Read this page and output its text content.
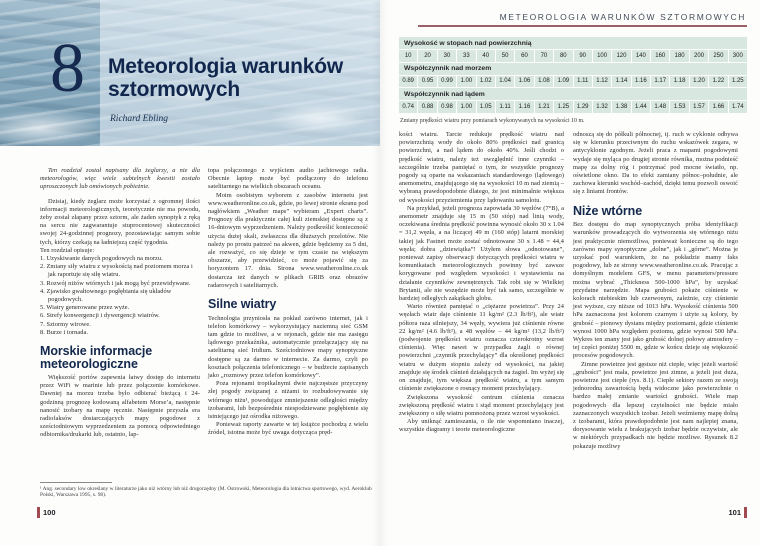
8 Meteorologia warunków sztormowych
Richard Ebling
Ten rozdział został napisany dla żeglarzy, a nie dla meteorologów, więc wiele subtelnych kwestii zostało uproszczonych lub omówionych pobieżnie.
Dzisiaj, kiedy żeglarz może korzystać z ogromnej ilości informacji meteorologicznych, teoretycznie nie ma powodu, żeby został złapany przez sztorm, ale żaden synoptyk z ręką na sercu nie zagwarantuje stuprocentowej skuteczności swojej 24-godzinnej prognozy, pozostawiając samym sobie tych, którzy czekają na ładniejszą część tygodnia.
Ten rozdział opisuje:
1. Uzyskiwanie danych pogodowych na morzu.
2. Zmiany siły wiatru z wysokością nad poziomem morza i jak raportuje się siłę wiatru.
3. Rozwój niżów wtórnych i jak mogą być przewidywane.
4. Zjawisko gwałtownego pogłębiania się układów pogodowych.
5. Wiatry generowane przez wyże.
6. Strefy konwergencji i dywergencji wiatrów.
7. Sztormy wirowe.
8. Burze i tornada.
Morskie informacje meteorologiczne
Większość portów zapewnia łatwy dostęp do internetu przez WiFi w marinie lub przez połączenie komórkowe. Dawniej na morzu trzeba było odbierać bieżącą i 24-godzinną prognozę kodowaną alfabetem Morse’a, następnie nanosić izobary na mapę ręcznie. Następnie przyszła era radiofaksów dostarczających mapy pogodowe z sześciodniowym wyprzedzeniem za pomocą odpowiedniego odbiornika/drukarki lub, ostatnio, lap-
topa połączonego z wyjściem audio jachtowego radia. Obecnie laptop może być podłączony do telefonu satelitarnego na wielkich obszarach oceanu.
Moim osobistym wyborem z zasobów internetu jest www.weatheronline.co.uk, gdzie, po lewej stronie ekranu pod nagłówkiem „Weather maps” wybieram „Expert charts”. Prognozy dla praktycznie całej kuli ziemskiej dostępne są z 16-dniowym wyprzedzeniem. Należy podkreślić konieczność użycia dużej skali, zwłaszcza dla dłuższych przelotów. Nie należy po prostu patrzeć na akwen, gdzie będziemy za 5 dni, ale rozważyć, co się dzieje w tym czasie na większym obszarze, aby przewidzieć, co może pojawić się za horyzontem 17. dnia. Strona www.weatheronline.co.uk dostarcza też danych w plikach GRIB oraz obrazów radarowych i satelitarnych.
Silne wiatry
Technologia przyniosła na pokład zarówno internet, jak i telefon komórkowy – wykorzystujący naziemną sieć GSM tam gdzie to możliwe, a w rejonach, gdzie nie ma zasięgu lądowego przekaźnika, automatycznie przełączający się na satelitarną sieć Iridium. Sześciodniowe mapy synoptyczne dostępne są za darmo w internecie. Za darmo, czyli po kosztach połączenia telefonicznego – w budżecie zapisanych jako „rozmowy przez telefon komórkowy”.
Poza rejonami tropikalnymi dwie najczęstsze przyczyny złej pogody związanej z niżami to rozbudowywanie się wtórnego niżu¹, powodujące zmniejszenie odległości między izobarami, lub bezpośrednie niespodziewane pogłębienie się istniejącego już ośrodka niżowego.
Ponieważ raporty zawarte w tej książce pochodzą z wielu źródeł, istotna może być uwaga dotycząca pręd-
¹ Ang. secondary low określany w literaturze jako niż wtórny lub niż drugorzędny (M. Ostrowski, Meteorologia dla lotnictwa sportowego, wyd. Aeroklub Polski, Warszawa 1995, s. 98).
100
METEOROLOGIA WARUNKÓW SZTORMOWYCH
Wysokość w stopach nad powierzchnią
10	20	30	33	40	50	60	70	80	90	100	120	140	160	180	200	250	300
Współczynnik nad morzem
0.89	0.95	0.99	1.00	1.02	1.04	1.06	1.08	1.09	1.11	1.12	1.14	1.16	1.17	1.18	1.20	1.22	1.25
Współczynnik nad lądem
0.74	0.88	0.98	1.00	1.05	1.11	1.16	1.21	1.25	1.29	1.32	1.38	1.44	1.48	1.53	1.57	1.66	1.74
Zmiany prędkości wiatru przy pomiarach wykonywanych na wysokości 10 m.
kości wiatru. Tarcie redukuje prędkość wiatru nad powierzchnią wody do około 80% prędkości nad granicą powierzchni, a nad lądem do około 40%. Jeśli chodzi o prędkość wiatru, należy też uwzględnić inne czynniki – szczególnie trzeba pamiętać o tym, że wszystkie prognozy pogody są oparte na wskazaniach standardowego (lądowego) anemometru, znajdującego się na wysokości 10 m nad ziemią – wybraną prawdopodobnie dlatego, że jest minimalnie większa od wysokości przyziemienia przy lądowaniu samolotu.
Na przykład, jeżeli prognoza zapowiada 30 węzłów (7°B), a anemometr znajduje się 15 m (50 stóp) nad linią wody, oczekiwana średnia prędkość powinna wynosić około 30 x 1.04 = 31,2 węzła, a na liczącej 49 m (160 stóp) latarni morskiej takiej jak Fastnet może zostać odnotowane 30 x 1.48 = 44,4 węzła; dobra „dziewiątka”! Użyłem słowa „odnotowane”, ponieważ zapisy obserwacji dotyczących prędkości wiatru w komunikatach meteorologicznych powinny być zawsze korygowane pod względem wysokości i wystawienia na działanie czynników zewnętrznych. Tak robi się w Wielkiej Brytanii, ale nie wszędzie może być tak samo, szczególnie w bardziej odległych zakątkach globu.
Warto również pamiętać o „ciężarze powietrza”. Przy 24 węzłach wiatr daje ciśnienie 11 kg/m² (2.3 lb/ft²), ale wiatr półtora raza silniejszy, 34 węzły, wywiera już ciśnienie równe 22 kg/m² (4.6 lb/ft²), a 48 węzłów – 44 kg/m² (13,2 lb/ft²) (podwojenie prędkości wiatru oznacza czterokrotny wzrost ciśnienia). Więc nawet w przypadku żagli o równej powierzchni „czynnik przechylający” dla określonej prędkości wiatru w dużym stopniu zależy od wysokości, na jakiej znajduje się środek ciśnień działających na żagiel. Im wyżej się on znajduje, tym większa prędkość wiatru, a tym samym ciśnienie zwiększone o rosnący moment przechylający.
Zwiększona wysokość centrum ciśnienia oznacza zwiększoną prędkość wiatru i stąd moment przechylający jest zwiększony o siłę wiatru pomnożoną przez wzrost wysokości.
Aby uniknąć zamieszania, o ile nie wspomniano inaczej, wszystkie diagramy i teorie meteorologiczne
odnoszą się do półkuli północnej, tj. ruch w cyklonie odbywa się w kierunku przeciwnym do ruchu wskazówek zegara, w antycyklonie zgodnym. Jeżeli praca z mapami pogodowymi wydaje się myląca po drugiej stronie równika, można podnieść mapę za dolny róg i potrzymać pod mocne światło, np. oświetlone okno. Da to efekt zamiany północ–południe, ale zachowa kierunki wschód–zachód, dzięki temu pozwoli oswoić się z liniami frontów.
Niże wtórne
Bez dostępu do map synoptycznych próba identyfikacji warunków prowadzących do wytworzenia się wtórnego niżu jest praktycznie niemożliwa, ponieważ konieczne są do tego zarówno mapy synoptyczne „dolne”, jak i „górne”. Można je uzyskać pod warunkiem, że na pokładzie mamy faks pogodowy, lub ze strony www.weatheronline.co.uk. Pracując z domyślnym modelem GFS, w menu parameters/pressure można wybrać „Thickness 500-1000 hPa”, by uzyskać przydatne narzędzie. Mapa grubości pokaże ciśnienie w kolorach niebieskim lub czerwonym, zależnie, czy ciśnienie jest wyższe, czy niższe od 1013 hPa. Wysokość ciśnienia 500 hPa zaznaczona jest kolorem czarnym i użyte są kolory, by grubość – pionowy dystans między poziomami, gdzie ciśnienie wynosi 1000 hPa względem poziomu, gdzie wynosi 500 hPa. Wykres ten znany jest jako grubość dolnej połowy atmosfery – tej części poniżej 5500 m, gdzie w końcu dzieje się większość procesów pogodowych.
Zimne powietrze jest gęstsze niż ciepłe, więc jeżeli wartość „grubości” jest mała, powietrze jest zimne, a jeżeli jest duża, powietrze jest ciepłe (rys. 8.1). Ciepłe sektory razem ze swoją jednorodną zawartością będą widoczne jako powierzchnie o bardzo małej zmianie wartości grubości. Wiele map pogodowych dla lepszej czytelności nie będzie miało zaznaczonych wszystkich izobar. Jeżeli weźmiemy mapę dolną z izobarami, która prawdopodobnie jest nam najlepiej znana, dorysowanie wielu z brakujących izobar będzie oczywiste, ale w niektórych przypadkach nie będzie możliwe. Rysunek 8.2 pokazuje możliwy
101
